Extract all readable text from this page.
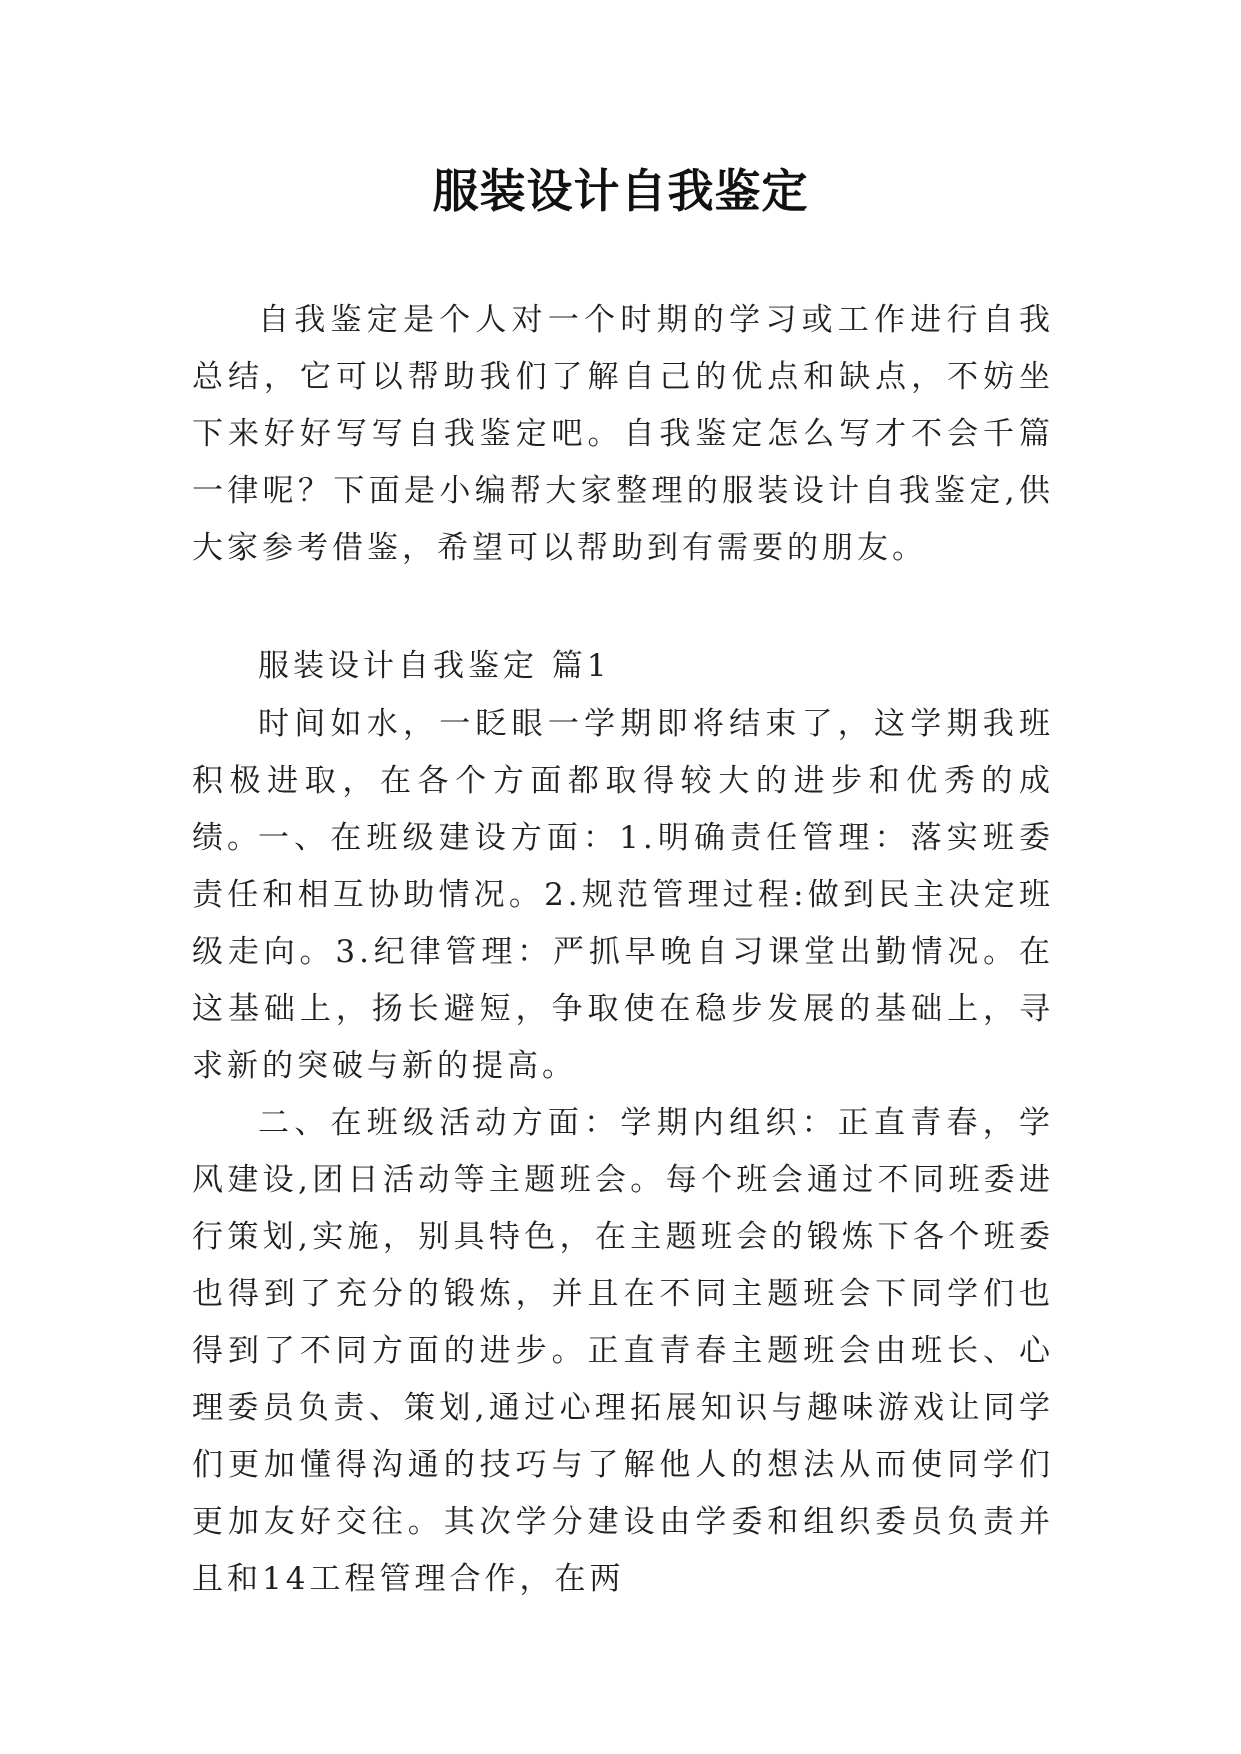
服装设计自我鉴定

自我鉴定是个人对一个时期的学习或工作进行自我总结，它可以帮助我们了解自己的优点和缺点，不妨坐下来好好写写自我鉴定吧。自我鉴定怎么写才不会千篇一律呢？下面是小编帮大家整理的服装设计自我鉴定,供大家参考借鉴，希望可以帮助到有需要的朋友。

服装设计自我鉴定 篇1

时间如水，一眨眼一学期即将结束了，这学期我班积极进取，在各个方面都取得较大的进步和优秀的成绩。

一、在班级建设方面：1.明确责任管理：落实班委责任和相互协助情况。2.规范管理过程:做到民主决定班级走向。3.纪律管理：严抓早晚自习课堂出勤情况。在这基础上，扬长避短，争取使在稳步发展的基础上，寻求新的突破与新的提高。

二、在班级活动方面：学期内组织：正直青春，学风建设,团日活动等主题班会。每个班会通过不同班委进行策划,实施，别具特色，在主题班会的锻炼下各个班委也得到了充分的锻炼，并且在不同主题班会下同学们也得到了不同方面的进步。正直青春主题班会由班长、心理委员负责、策划,通过心理拓展知识与趣味游戏让同学们更加懂得沟通的技巧与了解他人的想法从而使同学们更加友好交往。其次学分建设由学委和组织委员负责并且和14工程管理合作，在两
